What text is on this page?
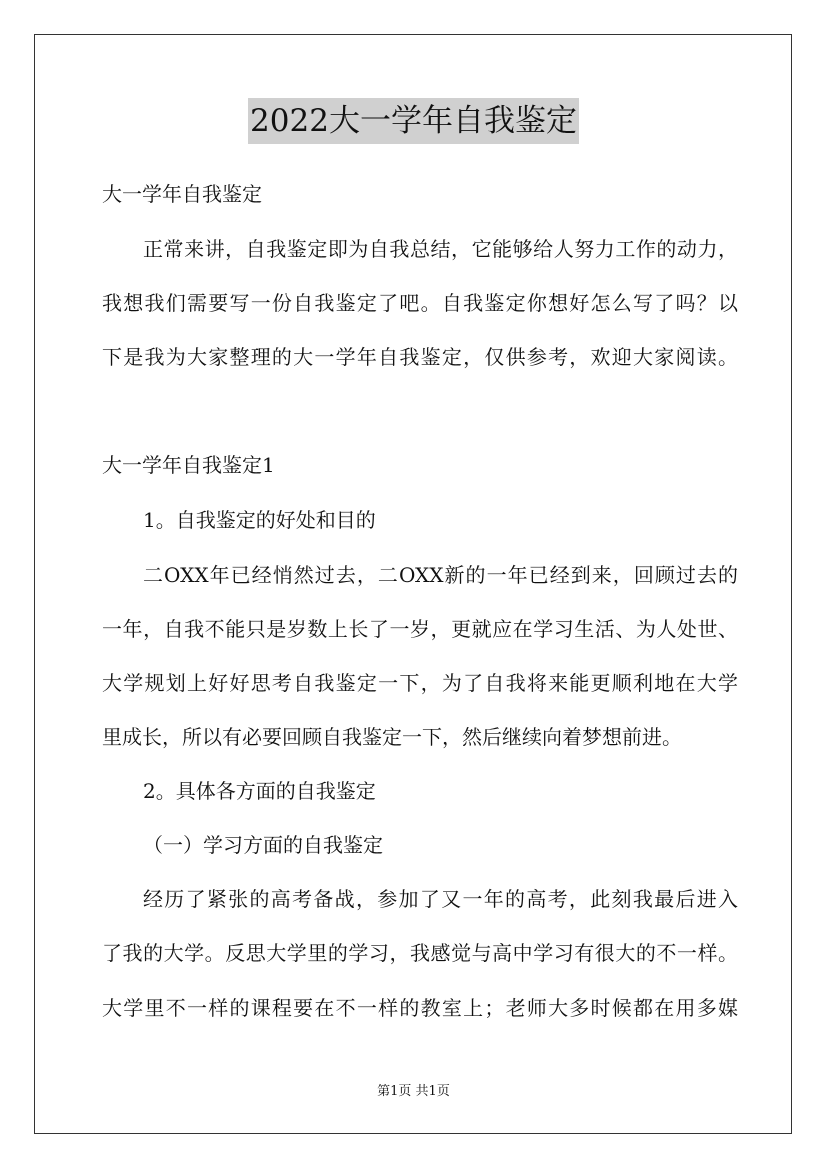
2022大一学年自我鉴定
大一学年自我鉴定
正常来讲，自我鉴定即为自我总结，它能够给人努力工作的动力，
我想我们需要写一份自我鉴定了吧。自我鉴定你想好怎么写了吗？以
下是我为大家整理的大一学年自我鉴定，仅供参考，欢迎大家阅读。
大一学年自我鉴定1
1。自我鉴定的好处和目的
二OXX年已经悄然过去，二OXX新的一年已经到来，回顾过去的
一年，自我不能只是岁数上长了一岁，更就应在学习生活、为人处世、
大学规划上好好思考自我鉴定一下，为了自我将来能更顺利地在大学
里成长，所以有必要回顾自我鉴定一下，然后继续向着梦想前进。
2。具体各方面的自我鉴定
（一）学习方面的自我鉴定
经历了紧张的高考备战，参加了又一年的高考，此刻我最后进入
了我的大学。反思大学里的学习，我感觉与高中学习有很大的不一样。
大学里不一样的课程要在不一样的教室上；老师大多时候都在用多媒
第1页 共1页
